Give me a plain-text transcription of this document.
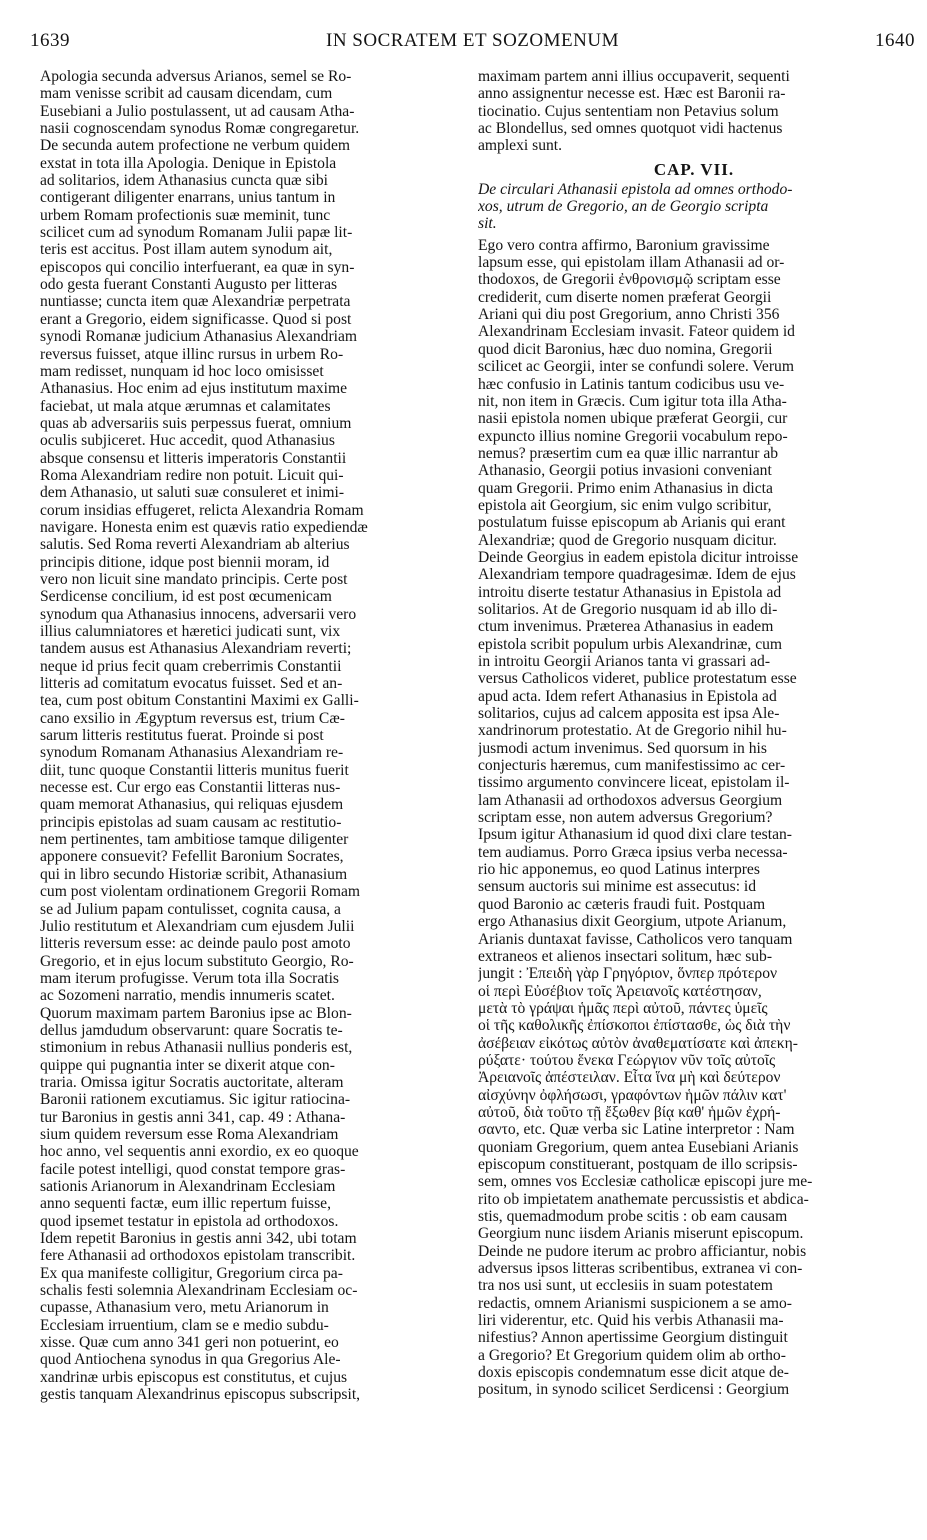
1639	IN SOCRATEM ET SOZOMENUM	1640
Apologia secunda adversus Arianos, semel se Ro-
mam venisse scribit ad causam dicendam, cum
Eusebiani a Julio postulassent, ut ad causam Atha-
nasii cognoscendam synodus Romæ congregaretur.
De secunda autem profectione ne verbum quidem
exstat in tota illa Apologia. Denique in Epistola
ad solitarios, idem Athanasius cuncta quæ sibi
contigerant diligenter enarrans, unius tantum in
urbem Romam profectionis suæ meminit, tunc
scilicet cum ad synodum Romanam Julii papæ lit-
teris est accitus. Post illam autem synodum ait,
episcopos qui concilio interfuerant, ea quæ in syn-
odo gesta fuerant Constanti Augusto per litteras
nuntiasse; cuncta item quæ Alexandriæ perpetrata
erant a Gregorio, eidem significasse. Quod si post
synodi Romanæ judicium Athanasius Alexandriam
reversus fuisset, atque illinc rursus in urbem Ro-
mam redisset, nunquam id hoc loco omisisset
Athanasius. Hoc enim ad ejus institutum maxime
faciebat, ut mala atque ærumnas et calamitates
quas ab adversariis suis perpessus fuerat, omnium
oculis subjiceret. Huc accedit, quod Athanasius
absque consensu et litteris imperatoris Constantii
Roma Alexandriam redire non potuit. Licuit qui-
dem Athanasio, ut saluti suæ consuleret et inimi-
corum insidias effugeret, relicta Alexandria Romam
navigare. Honesta enim est quævis ratio expediendæ
salutis. Sed Roma reverti Alexandriam ab alterius
principis ditione, idque post biennii moram, id
vero non licuit sine mandato principis. Certe post
Serdicense concilium, id est post œcumenicam
synodum qua Athanasius innocens, adversarii vero
illius calumniatores et hæretici judicati sunt, vix
tandem ausus est Athanasius Alexandriam reverti;
neque id prius fecit quam creberrimis Constantii
litteris ad comitatum evocatus fuisset. Sed et an-
tea, cum post obitum Constantini Maximi ex Galli-
cano exsilio in Ægyptum reversus est, trium Cæ-
sarum litteris restitutus fuerat. Proinde si post
synodum Romanam Athanasius Alexandriam re-
diit, tunc quoque Constantii litteris munitus fuerit
necesse est. Cur ergo eas Constantii litteras nus-
quam memorat Athanasius, qui reliquas ejusdem
principis epistolas ad suam causam ac restitutio-
nem pertinentes, tam ambitiose tamque diligenter
apponere consuevit? Fefellit Baronium Socrates,
qui in libro secundo Historiæ scribit, Athanasium
cum post violentam ordinationem Gregorii Romam
se ad Julium papam contulisset, cognita causa, a
Julio restitutum et Alexandriam cum ejusdem Julii
litteris reversum esse: ac deinde paulo post amoto
Gregorio, et in ejus locum substituto Georgio, Ro-
mam iterum profugisse. Verum tota illa Socratis
ac Sozomeni narratio, mendis innumeris scatet.
Quorum maximam partem Baronius ipse ac Blon-
dellus jamdudum observarunt: quare Socratis te-
stimonium in rebus Athanasii nullius ponderis est,
quippe qui pugnantia inter se dixerit atque con-
traria. Omissa igitur Socratis auctoritate, alteram
Baronii rationem excutiamus. Sic igitur ratiocina-
tur Baronius in gestis anni 341, cap. 49 : Athana-
sium quidem reversum esse Roma Alexandriam
hoc anno, vel sequentis anni exordio, ex eo quoque
facile potest intelligi, quod constat tempore gras-
sationis Arianorum in Alexandrinam Ecclesiam
anno sequenti factæ, eum illic repertum fuisse,
quod ipsemet testatur in epistola ad orthodoxos.
Idem repetit Baronius in gestis anni 342, ubi totam
fere Athanasii ad orthodoxos epistolam transcribit.
Ex qua manifeste colligitur, Gregorium circa pa-
schalis festi solemnia Alexandrinam Ecclesiam oc-
cupasse, Athanasium vero, metu Arianorum in
Ecclesiam irruentium, clam se e medio subdu-
xisse. Quæ cum anno 341 geri non potuerint, eo
quod Antiochena synodus in qua Gregorius Ale-
xandrinæ urbis episcopus est constitutus, et cujus
gestis tanquam Alexandrinus episcopus subscripsit,
maximam partem anni illius occupaverit, sequenti
anno assignentur necesse est. Hæc est Baronii ra-
tiocinatio. Cujus sententiam non Petavius solum
ac Blondellus, sed omnes quotquot vidi hactenus
amplexi sunt.
CAP. VII.
De circulari Athanasii epistola ad omnes orthodo-
xos, utrum de Gregorio, an de Georgio scripta
sit.
Ego vero contra affirmo, Baronium gravissime
lapsum esse, qui epistolam illam Athanasii ad or-
thodoxos, de Gregorii ἐνθρονισμῷ scriptam esse
crediderit, cum diserte nomen præferat Georgii
Ariani qui diu post Gregorium, anno Christi 356
Alexandrinam Ecclesiam invasit. Fateor quidem id
quod dicit Baronius, hæc duo nomina, Gregorii
scilicet ac Georgii, inter se confundi solere. Verum
hæc confusio in Latinis tantum codicibus usu ve-
nit, non item in Græcis. Cum igitur tota illa Atha-
nasii epistola nomen ubique præferat Georgii, cur
expuncto illius nomine Gregorii vocabulum repo-
nemus? præsertim cum ea quæ illic narrantur ab
Athanasio, Georgii potius invasioni conveniant
quam Gregorii. Primo enim Athanasius in dicta
epistola ait Georgium, sic enim vulgo scribitur,
postulatum fuisse episcopum ab Arianis qui erant
Alexandriæ; quod de Gregorio nusquam dicitur.
Deinde Georgius in eadem epistola dicitur introisse
Alexandriam tempore quadragesimæ. Idem de ejus
introitu diserte testatur Athanasius in Epistola ad
solitarios. At de Gregorio nusquam id ab illo di-
ctum invenimus. Præterea Athanasius in eadem
epistola scribit populum urbis Alexandrinæ, cum
in introitu Georgii Arianos tanta vi grassari ad-
versus Catholicos videret, publice protestatum esse
apud acta. Idem refert Athanasius in Epistola ad
solitarios, cujus ad calcem apposita est ipsa Ale-
xandrinorum protestatio. At de Gregorio nihil hu-
jusmodi actum invenimus. Sed quorsum in his
conjecturis hæremus, cum manifestissimo ac cer-
tissimo argumento convincere liceat, epistolam il-
lam Athanasii ad orthodoxos adversus Georgium
scriptam esse, non autem adversus Gregorium?
Ipsum igitur Athanasium id quod dixi clare testan-
tem audiamus. Porro Græca ipsius verba necessa-
rio hic apponemus, eo quod Latinus interpres
sensum auctoris sui minime est assecutus: id
quod Baronio ac cæteris fraudi fuit. Postquam
ergo Athanasius dixit Georgium, utpote Arianum,
Arianis duntaxat favisse, Catholicos vero tanquam
extraneos et alienos insectari solitum, hæc sub-
jungit : Ἐπειδὴ γὰρ Γρηγόριον, ὅνπερ πρότερον
οἱ περὶ Εὐσέβιον τοῖς Ἀρειανοῖς κατέστησαν,
μετὰ τὸ γράψαι ἡμᾶς περὶ αὐτοῦ, πάντες ὑμεῖς
οἱ τῆς καθολικῆς ἐπίσκοποι ἐπίστασθε, ὡς διὰ τὴν
ἀσέβειαν εἰκότως αὐτὸν ἀναθεματίσατε καὶ ἀπεκη-
ρύξατε· τούτου ἕνεκα Γεώργιον νῦν τοῖς αὐτοῖς
Ἀρειανοῖς ἀπέστειλαν. Εἶτα ἵνα μὴ καὶ δεύτερον
αἰσχύνην ὀφλήσωσι, γραφόντων ἡμῶν πάλιν κατ'
αὐτοῦ, διὰ τοῦτο τῇ ἔξωθεν βίᾳ καθ' ἡμῶν ἐχρή-
σαντο, etc. Quæ verba sic Latine interpretor : Nam
quoniam Gregorium, quem antea Eusebiani Arianis
episcopum constituerant, postquam de illo scripsis-
sem, omnes vos Ecclesiæ catholicæ episcopi jure me-
rito ob impietatem anathemate percussistis et abdica-
stis, quemadmodum probe scitis : ob eam causam
Georgium nunc iisdem Arianis miserunt episcopum.
Deinde ne pudore iterum ac probro afficiantur, nobis
adversus ipsos litteras scribentibus, extranea vi con-
tra nos usi sunt, ut ecclesiis in suam potestatem
redactis, omnem Arianismi suspicionem a se amo-
liri viderentur, etc. Quid his verbis Athanasii ma-
nifestius? Annon apertissime Georgium distinguit
a Gregorio? Et Gregorium quidem olim ab ortho-
doxis episcopis condemnatum esse dicit atque de-
positum, in synodo scilicet Serdicensi : Georgium
